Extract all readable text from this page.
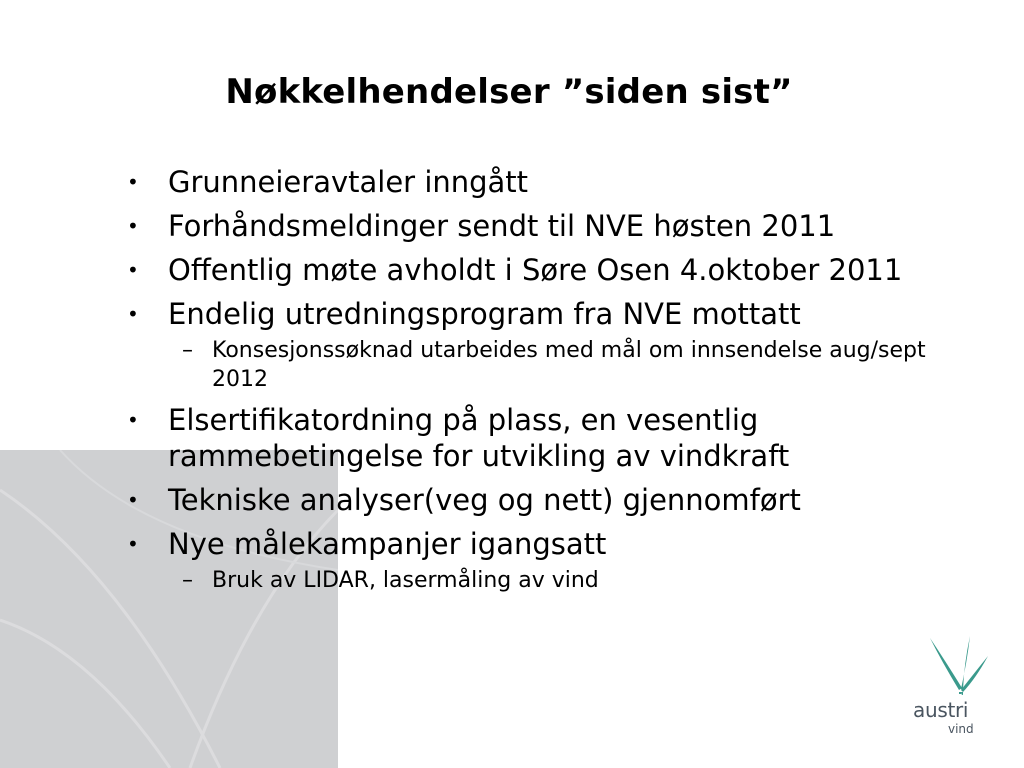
Nøkkelhendelser ”siden sist”
• Grunneieravtaler inngått
• Forhåndsmeldinger sendt til NVE høsten 2011
• Offentlig møte avholdt i Søre Osen 4.oktober 2011
• Endelig utredningsprogram fra NVE mottatt
– Konsesjonssøknad utarbeides med mål om innsendelse aug/sept 2012
• Elsertifikatordning på plass, en vesentlig rammebetingelse for utvikling av vindkraft
• Tekniske analyser(veg og nett) gjennomført
• Nye målekampanjer igangsatt
– Bruk av LIDAR, lasermåling av vind
austri
vind
